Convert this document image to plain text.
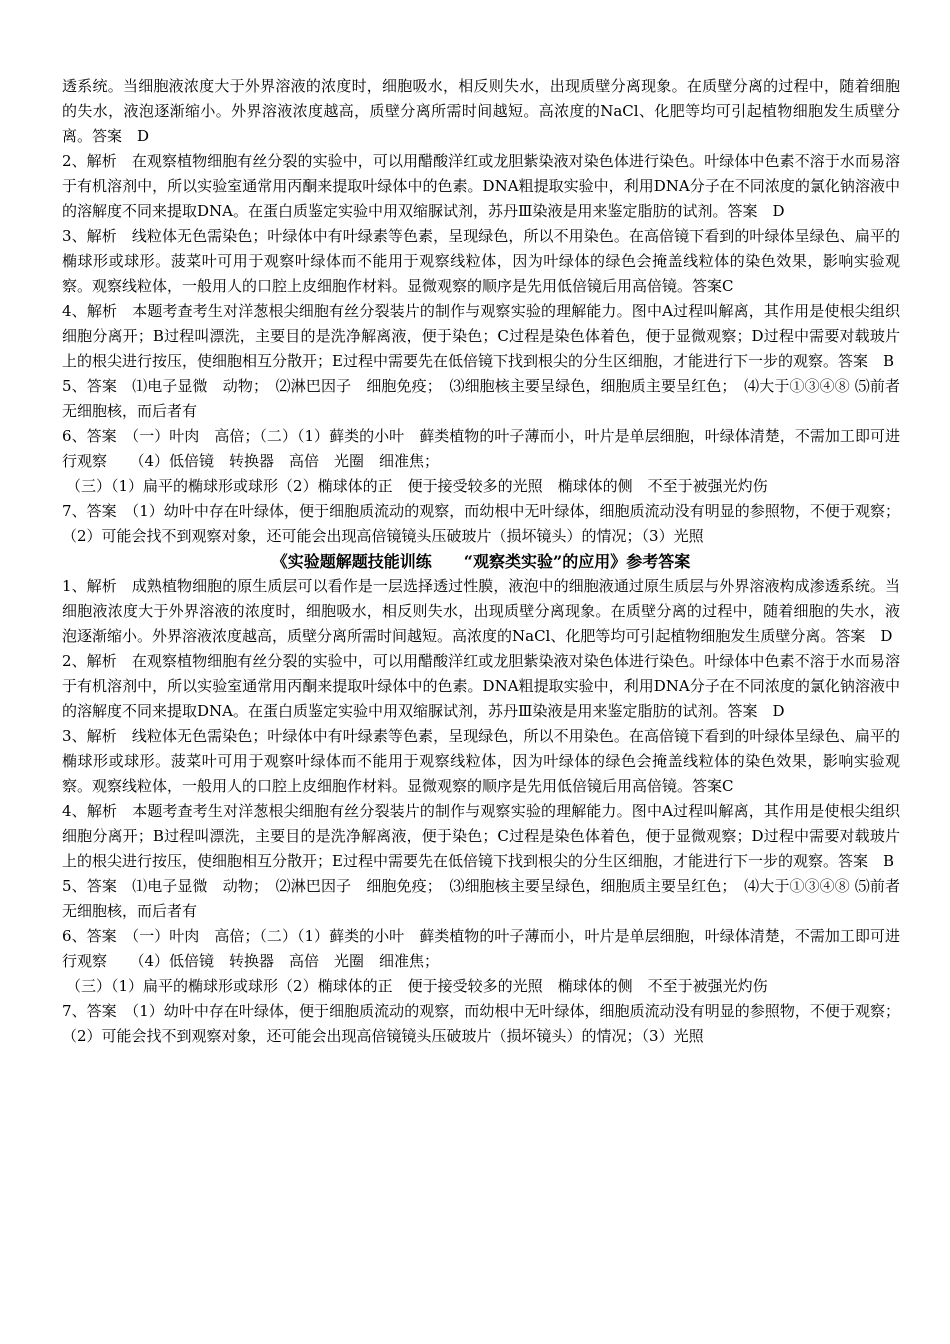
透系统。当细胞液浓度大于外界溶液的浓度时，细胞吸水，相反则失水，出现质壁分离现象。在质壁分离的过程中，随着细胞的失水，液泡逐渐缩小。外界溶液浓度越高，质壁分离所需时间越短。高浓度的NaCl、化肥等均可引起植物细胞发生质壁分离。答案　D

2、解析　在观察植物细胞有丝分裂的实验中，可以用醋酸洋红或龙胆紫染液对染色体进行染色。叶绿体中色素不溶于水而易溶于有机溶剂中，所以实验室通常用丙酮来提取叶绿体中的色素。DNA粗提取实验中，利用DNA分子在不同浓度的氯化钠溶液中的溶解度不同来提取DNA。在蛋白质鉴定实验中用双缩脲试剂，苏丹Ⅲ染液是用来鉴定脂肪的试剂。答案　D

3、解析　线粒体无色需染色；叶绿体中有叶绿素等色素，呈现绿色，所以不用染色。在高倍镜下看到的叶绿体呈绿色、扁平的椭球形或球形。菠菜叶可用于观察叶绿体而不能用于观察线粒体，因为叶绿体的绿色会掩盖线粒体的染色效果，影响实验观察。观察线粒体，一般用人的口腔上皮细胞作材料。显微观察的顺序是先用低倍镜后用高倍镜。答案C

4、解析　本题考查考生对洋葱根尖细胞有丝分裂装片的制作与观察实验的理解能力。图中A过程叫解离，其作用是使根尖组织细胞分离开；B过程叫漂洗，主要目的是洗净解离液，便于染色；C过程是染色体着色，便于显微观察；D过程中需要对载玻片上的根尖进行按压，使细胞相互分散开；E过程中需要先在低倍镜下找到根尖的分生区细胞，才能进行下一步的观察。答案　B

5、答案　⑴电子显微　动物；　⑵淋巴因子　细胞免疫；　⑶细胞核主要呈绿色，细胞质主要呈红色；　⑷大于①③④⑧ ⑸前者无细胞核，而后者有

6、答案　（一）叶肉　高倍；（二）（1）藓类的小叶　藓类植物的叶子薄而小，叶片是单层细胞，叶绿体清楚，不需加工即可进行观察　　（4）低倍镜　转换器　高倍　光圈　细准焦；

（三）（1）扁平的椭球形或球形（2）椭球体的正　便于接受较多的光照　椭球体的侧　不至于被强光灼伤

7、答案　（1）幼叶中存在叶绿体，便于细胞质流动的观察，而幼根中无叶绿体，细胞质流动没有明显的参照物，不便于观察；（2）可能会找不到观察对象，还可能会出现高倍镜镜头压破玻片（损坏镜头）的情况；（3）光照

《实验题解题技能训练　　“观察类实验”的应用》参考答案

1、解析　成熟植物细胞的原生质层可以看作是一层选择透过性膜，液泡中的细胞液通过原生质层与外界溶液构成渗透系统。当细胞液浓度大于外界溶液的浓度时，细胞吸水，相反则失水，出现质壁分离现象。在质壁分离的过程中，随着细胞的失水，液泡逐渐缩小。外界溶液浓度越高，质壁分离所需时间越短。高浓度的NaCl、化肥等均可引起植物细胞发生质壁分离。答案　D

2、解析　在观察植物细胞有丝分裂的实验中，可以用醋酸洋红或龙胆紫染液对染色体进行染色。叶绿体中色素不溶于水而易溶于有机溶剂中，所以实验室通常用丙酮来提取叶绿体中的色素。DNA粗提取实验中，利用DNA分子在不同浓度的氯化钠溶液中的溶解度不同来提取DNA。在蛋白质鉴定实验中用双缩脲试剂，苏丹Ⅲ染液是用来鉴定脂肪的试剂。答案　D

3、解析　线粒体无色需染色；叶绿体中有叶绿素等色素，呈现绿色，所以不用染色。在高倍镜下看到的叶绿体呈绿色、扁平的椭球形或球形。菠菜叶可用于观察叶绿体而不能用于观察线粒体，因为叶绿体的绿色会掩盖线粒体的染色效果，影响实验观察。观察线粒体，一般用人的口腔上皮细胞作材料。显微观察的顺序是先用低倍镜后用高倍镜。答案C

4、解析　本题考查考生对洋葱根尖细胞有丝分裂装片的制作与观察实验的理解能力。图中A过程叫解离，其作用是使根尖组织细胞分离开；B过程叫漂洗，主要目的是洗净解离液，便于染色；C过程是染色体着色，便于显微观察；D过程中需要对载玻片上的根尖进行按压，使细胞相互分散开；E过程中需要先在低倍镜下找到根尖的分生区细胞，才能进行下一步的观察。答案　B

5、答案　⑴电子显微　动物；　⑵淋巴因子　细胞免疫；　⑶细胞核主要呈绿色，细胞质主要呈红色；　⑷大于①③④⑧ ⑸前者无细胞核，而后者有

6、答案　（一）叶肉　高倍；（二）（1）藓类的小叶　藓类植物的叶子薄而小，叶片是单层细胞，叶绿体清楚，不需加工即可进行观察　　（4）低倍镜　转换器　高倍　光圈　细准焦；

（三）（1）扁平的椭球形或球形（2）椭球体的正　便于接受较多的光照　椭球体的侧　不至于被强光灼伤

7、答案　（1）幼叶中存在叶绿体，便于细胞质流动的观察，而幼根中无叶绿体，细胞质流动没有明显的参照物，不便于观察；（2）可能会找不到观察对象，还可能会出现高倍镜镜头压破玻片（损坏镜头）的情况；（3）光照
